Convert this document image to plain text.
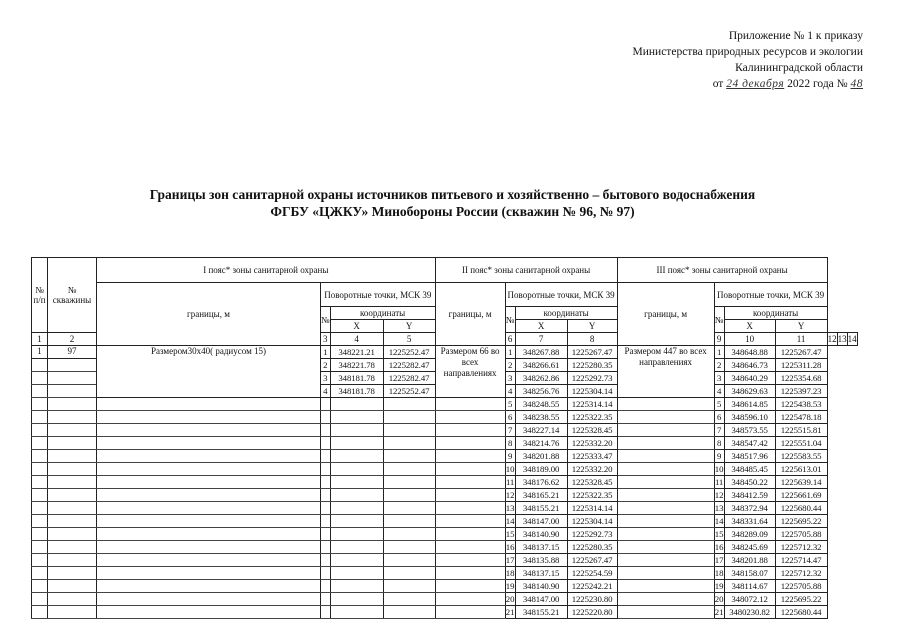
Приложение № 1 к приказу
Министерства природных ресурсов и экологии
Калининградской области
от 24 декабря 2022 года № 48
Границы зон санитарной охраны источников питьевого и хозяйственно – бытового водоснабжения
ФГБУ «ЦЖКУ» Минобороны России (скважин № 96, № 97)
№ п/п	№ скважины	I пояс* зоны санитарной охраны				II пояс* зоны санитарной охраны				III пояс* зоны санитарной охраны						
		границы, м	Поворотные точки, МСК 39			границы, м	Поворотные точки, МСК 39			границы, м	Поворотные точки, МСК 39					
			№	координаты			№	координаты			№	координаты				
				X	Y			X	Y			X	Y			
1	2		3	4	5		6	7	8		9	10	11	12	13	14
1	97	Размером30х40( радиусом 15)	1	348221.21	1225252.47	Размером 66 во всех направлениях	1	348267.88	1225267.47	Размером 447 во всех направлениях	1	348648.88	1225267.47			
			2	348221.78	1225282.47		2	348266.61	1225280.35		2	348646.73	1225311.28			
			3	348181.78	1225282.47		3	348262.86	1225292.73		3	348640.29	1225354.68			
			4	348181.78	1225252.47		4	348256.76	1225304.14		4	348629.63	1225397.23			
							5	348248.55	1225314.14		5	348614.85	1225438.53			
							6	348238.55	1225322.35		6	348596.10	1225478.18			
							7	348227.14	1225328.45		7	348573.55	1225515.81			
							8	348214.76	1225332.20		8	348547.42	1225551.04			
							9	348201.88	1225333.47		9	348517.96	1225583.55			
							10	348189.00	1225332.20		10	348485.45	1225613.01			
							11	348176.62	1225328.45		11	348450.22	1225639.14			
							12	348165.21	1225322.35		12	348412.59	1225661.69			
							13	348155.21	1225314.14		13	348372.94	1225680.44			
							14	348147.00	1225304.14		14	348331.64	1225695.22			
							15	348140.90	1225292.73		15	348289.09	1225705.88			
							16	348137.15	1225280.35		16	348245.69	1225712.32			
							17	348135.88	1225267.47		17	348201.88	1225714.47			
							18	348137.15	1225254.59		18	348158.07	1225712.32			
							19	348140.90	1225242.21		19	348114.67	1225705.88			
							20	348147.00	1225230.80		20	348072.12	1225695.22			
							21	348155.21	1225220.80		21	3480230.82	1225680.44			
